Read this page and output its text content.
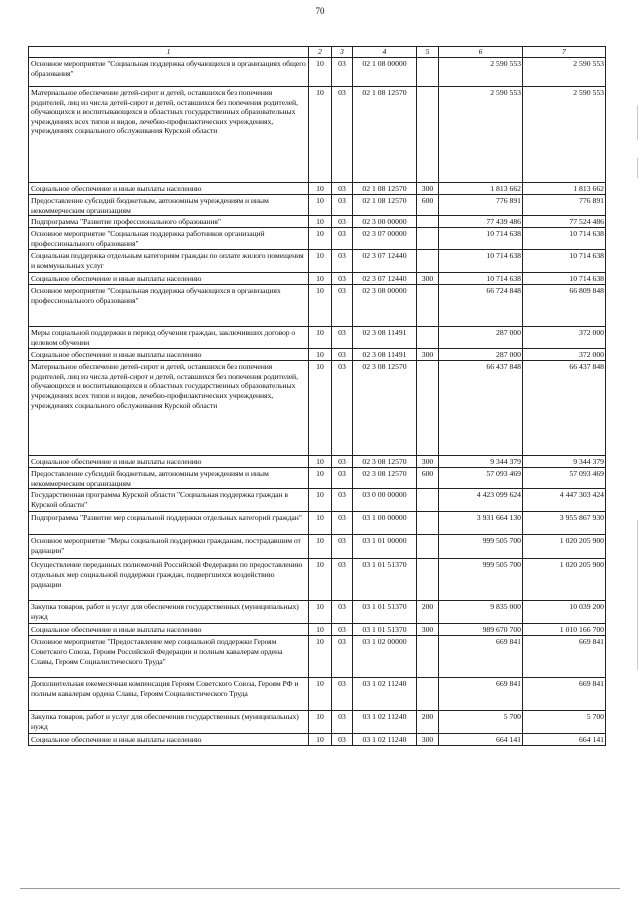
70
1	2	3	4	5	6	7
Основное мероприятие "Социальная поддержка обучающихся в организациях общего образования"	10	03	02 1 08 00000		2 590 553	2 590 553
Материальное обеспечение детей-сирот и детей, оставшихся без попечения родителей, лиц из числа детей-сирот и детей, оставшихся без попечения родителей, обучающихся и воспитывающихся в областных государственных образовательных учреждениях всех типов и видов, лечебно-профилактических учреждениях, учреждениях социального обслуживания Курской области	10	03	02 1 08 12570		2 590 553	2 590 553
Социальное обеспечение и иные выплаты населению	10	03	02 1 08 12570	300	1 813 662	1 813 662
Предоставление субсидий бюджетным, автономным учреждениям и иным некоммерческим организациям	10	03	02 1 08 12570	600	776 891	776 891
Подпрограмма "Развитие профессионального образования"	10	03	02 3 00 00000		77 439 486	77 524 486
Основное мероприятие "Социальная поддержка работников организаций профессионального образования"	10	03	02 3 07 00000		10 714 638	10 714 638
Социальная поддержка отдельным категориям граждан по оплате жилого помещения и коммунальных услуг	10	03	02 3 07 12440		10 714 638	10 714 638
Социальное обеспечение и иные выплаты населению	10	03	02 3 07 12440	300	10 714 638	10 714 638
Основное мероприятие "Социальная поддержка обучающихся в организациях профессионального образования"	10	03	02 3 08 00000		66 724 848	66 809 848
Меры социальной поддержки в период обучения граждан, заключивших договор о целевом обучении	10	03	02 3 08 11491		287 000	372 000
Социальное обеспечение и иные выплаты населению	10	03	02 3 08 11491	300	287 000	372 000
Материальное обеспечение детей-сирот и детей, оставшихся без попечения родителей, лиц из числа детей-сирот и детей, оставшихся без попечения родителей, обучающихся и воспитывающихся в областных государственных образовательных учреждениях всех типов и видов, лечебно-профилактических учреждениях, учреждениях социального обслуживания Курской области	10	03	02 3 08 12570		66 437 848	66 437 848
Социальное обеспечение и иные выплаты населению	10	03	02 3 08 12570	300	9 344 379	9 344 379
Предоставление субсидий бюджетным, автономным учреждениям и иным некоммерческим организациям	10	03	02 3 08 12570	600	57 093 469	57 093 469
Государственная программа Курской области "Социальная поддержка граждан в Курской области"	10	03	03 0 00 00000		4 423 099 624	4 447 303 424
Подпрограмма "Развитие мер социальной поддержки отдельных категорий граждан"	10	03	03 1 00 00000		3 931 664 130	3 955 867 930
Основное мероприятие "Меры социальной поддержки гражданам, пострадавшим от радиации"	10	03	03 1 01 00000		999 505 700	1 020 205 900
Осуществление переданных полномочий Российской Федерации по предоставлению отдельных мер социальной поддержки граждан, подвергшихся воздействию радиации	10	03	03 1 01 51370		999 505 700	1 020 205 900
Закупка товаров, работ и услуг для обеспечения государственных (муниципальных) нужд	10	03	03 1 01 51370	200	9 835 000	10 039 200
Социальное обеспечение и иные выплаты населению	10	03	03 1 01 51370	300	989 670 700	1 010 166 700
Основное мероприятие "Предоставление мер социальной поддержки Героям Советского Союза, Героям Российской Федерации и полным кавалерам ордена Славы, Героям Социалистического Труда"	10	03	03 1 02 00000		669 841	669 841
Дополнительная ежемесячная компенсация Героям Советского Союза, Героям РФ и полным кавалерам ордена Славы, Героям Социалистического Труда	10	03	03 1 02 11240		669 841	669 841
Закупка товаров, работ и услуг для обеспечения государственных (муниципальных) нужд	10	03	03 1 02 11240	200	5 700	5 700
Социальное обеспечение и иные выплаты населению	10	03	03 1 02 11240	300	664 141	664 141
